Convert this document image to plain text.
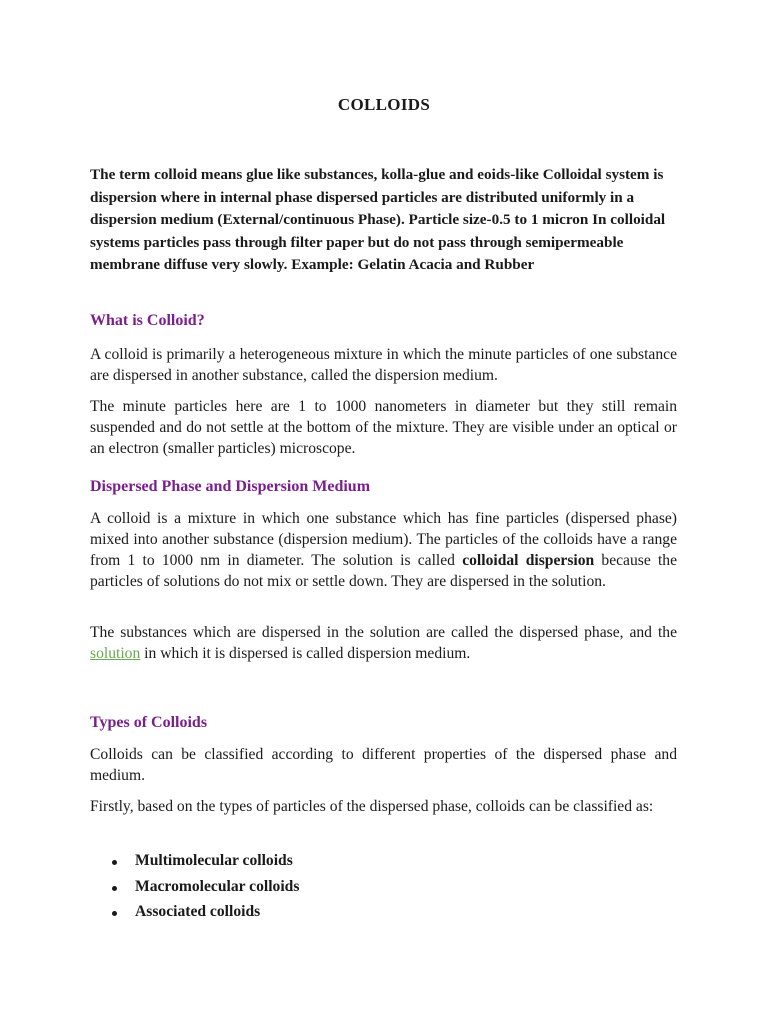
COLLOIDS

The term colloid means glue like substances, kolla-glue and eoids-like Colloidal system is dispersion where in internal phase dispersed particles are distributed uniformly in a dispersion medium (External/continuous Phase). Particle size-0.5 to 1 micron In colloidal systems particles pass through filter paper but do not pass through semipermeable membrane diffuse very slowly. Example: Gelatin Acacia and Rubber

What is Colloid?

A colloid is primarily a heterogeneous mixture in which the minute particles of one substance are dispersed in another substance, called the dispersion medium.

The minute particles here are 1 to 1000 nanometers in diameter but they still remain suspended and do not settle at the bottom of the mixture. They are visible under an optical or an electron (smaller particles) microscope.

Dispersed Phase and Dispersion Medium

A colloid is a mixture in which one substance which has fine particles (dispersed phase) mixed into another substance (dispersion medium). The particles of the colloids have a range from 1 to 1000 nm in diameter. The solution is called colloidal dispersion because the particles of solutions do not mix or settle down. They are dispersed in the solution.

The substances which are dispersed in the solution are called the dispersed phase, and the solution in which it is dispersed is called dispersion medium.

Types of Colloids

Colloids can be classified according to different properties of the dispersed phase and medium.

Firstly, based on the types of particles of the dispersed phase, colloids can be classified as:

Multimolecular colloids
Macromolecular colloids
Associated colloids
